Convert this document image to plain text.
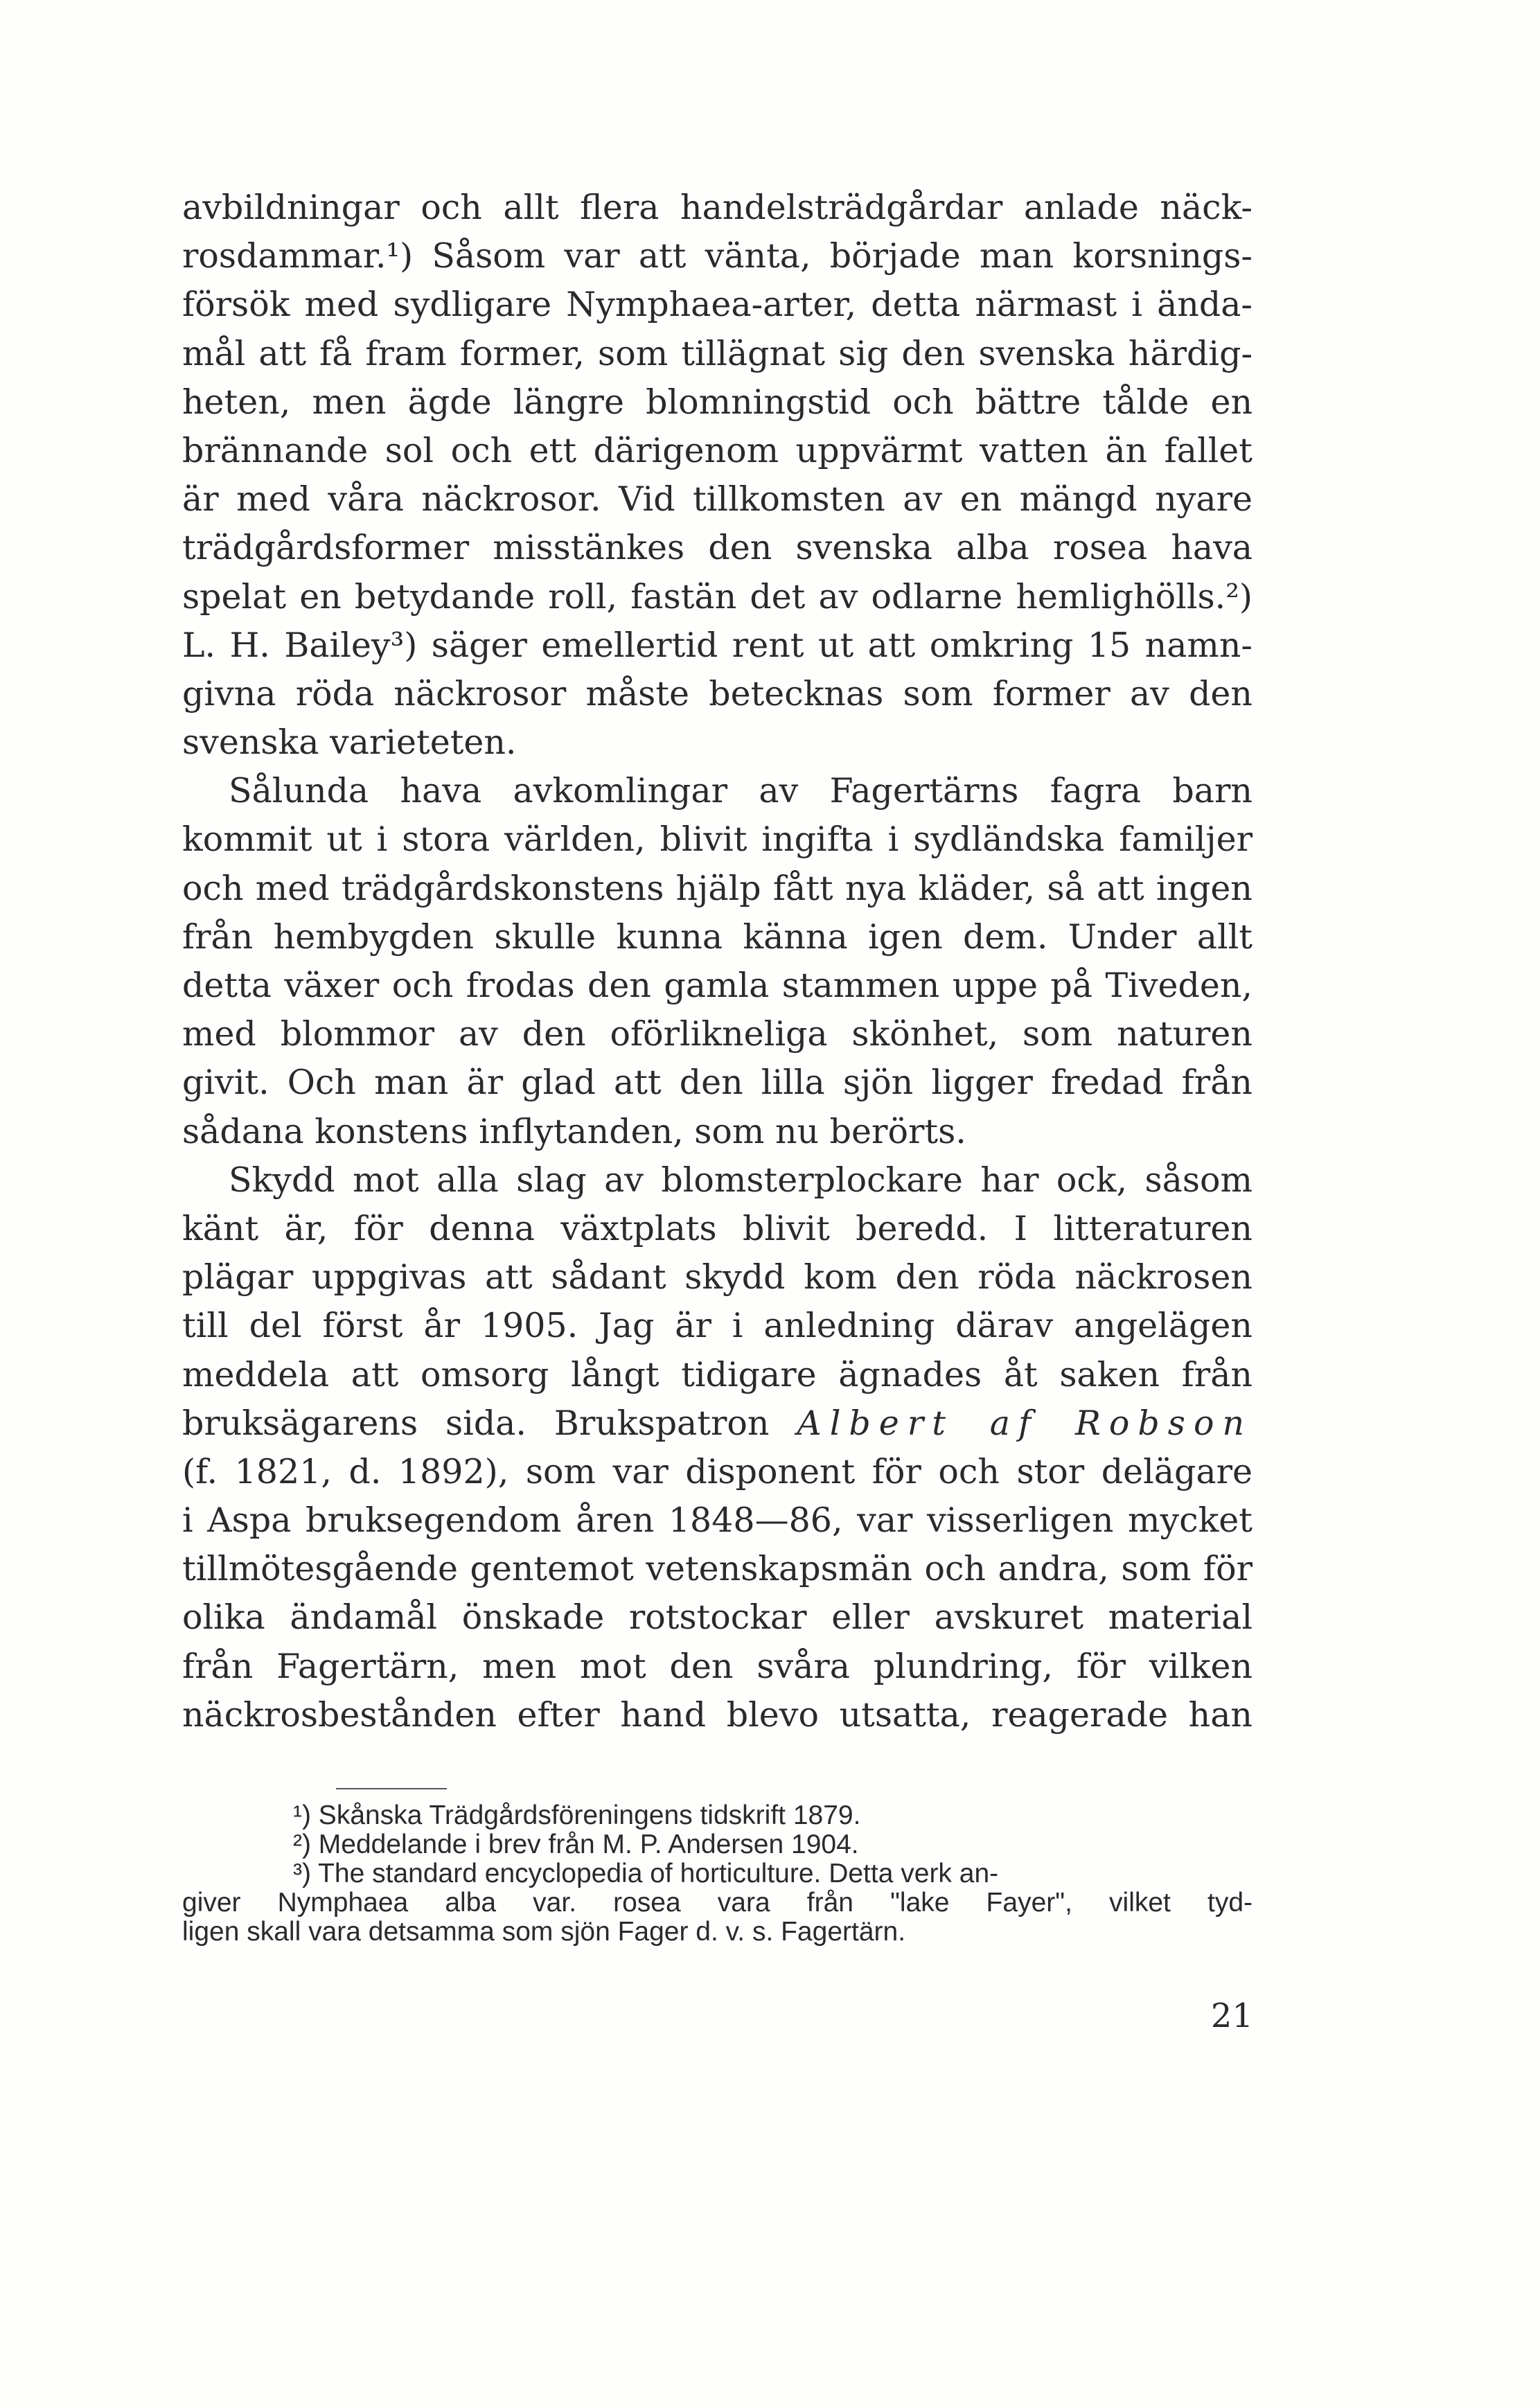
avbildningar och allt flera handelsträdgårdar anlade näck-
rosdammar.¹) Såsom var att vänta, började man korsnings-
försök med sydligare Nymphaea-arter, detta närmast i ända-
mål att få fram former, som tillägnat sig den svenska härdig-
heten, men ägde längre blomningstid och bättre tålde en
brännande sol och ett därigenom uppvärmt vatten än fallet
är med våra näckrosor. Vid tillkomsten av en mängd nyare
trädgårdsformer misstänkes den svenska alba rosea hava
spelat en betydande roll, fastän det av odlarne hemlighölls.²)
L. H. Bailey³) säger emellertid rent ut att omkring 15 namn-
givna röda näckrosor måste betecknas som former av den
svenska varieteten.
Sålunda hava avkomlingar av Fagertärns fagra barn
kommit ut i stora världen, blivit ingifta i sydländska familjer
och med trädgårdskonstens hjälp fått nya kläder, så att ingen
från hembygden skulle kunna känna igen dem. Under allt
detta växer och frodas den gamla stammen uppe på Tiveden,
med blommor av den oförlikneliga skönhet, som naturen
givit. Och man är glad att den lilla sjön ligger fredad från
sådana konstens inflytanden, som nu berörts.
Skydd mot alla slag av blomsterplockare har ock, såsom
känt är, för denna växtplats blivit beredd. I litteraturen
plägar uppgivas att sådant skydd kom den röda näckrosen
till del först år 1905. Jag är i anledning därav angelägen
meddela att omsorg långt tidigare ägnades åt saken från
bruksägarens sida. Brukspatron Albert af Robson
(f. 1821, d. 1892), som var disponent för och stor delägare
i Aspa bruksegendom åren 1848—86, var visserligen mycket
tillmötesgående gentemot vetenskapsmän och andra, som för
olika ändamål önskade rotstockar eller avskuret material
från Fagertärn, men mot den svåra plundring, för vilken
näckrosbestånden efter hand blevo utsatta, reagerade han
¹) Skånska Trädgårdsföreningens tidskrift 1879.
²) Meddelande i brev från M. P. Andersen 1904.
³) The standard encyclopedia of horticulture. Detta verk an-
giver Nymphaea alba var. rosea vara från "lake Fayer", vilket tyd-
ligen skall vara detsamma som sjön Fager d. v. s. Fagertärn.
21
